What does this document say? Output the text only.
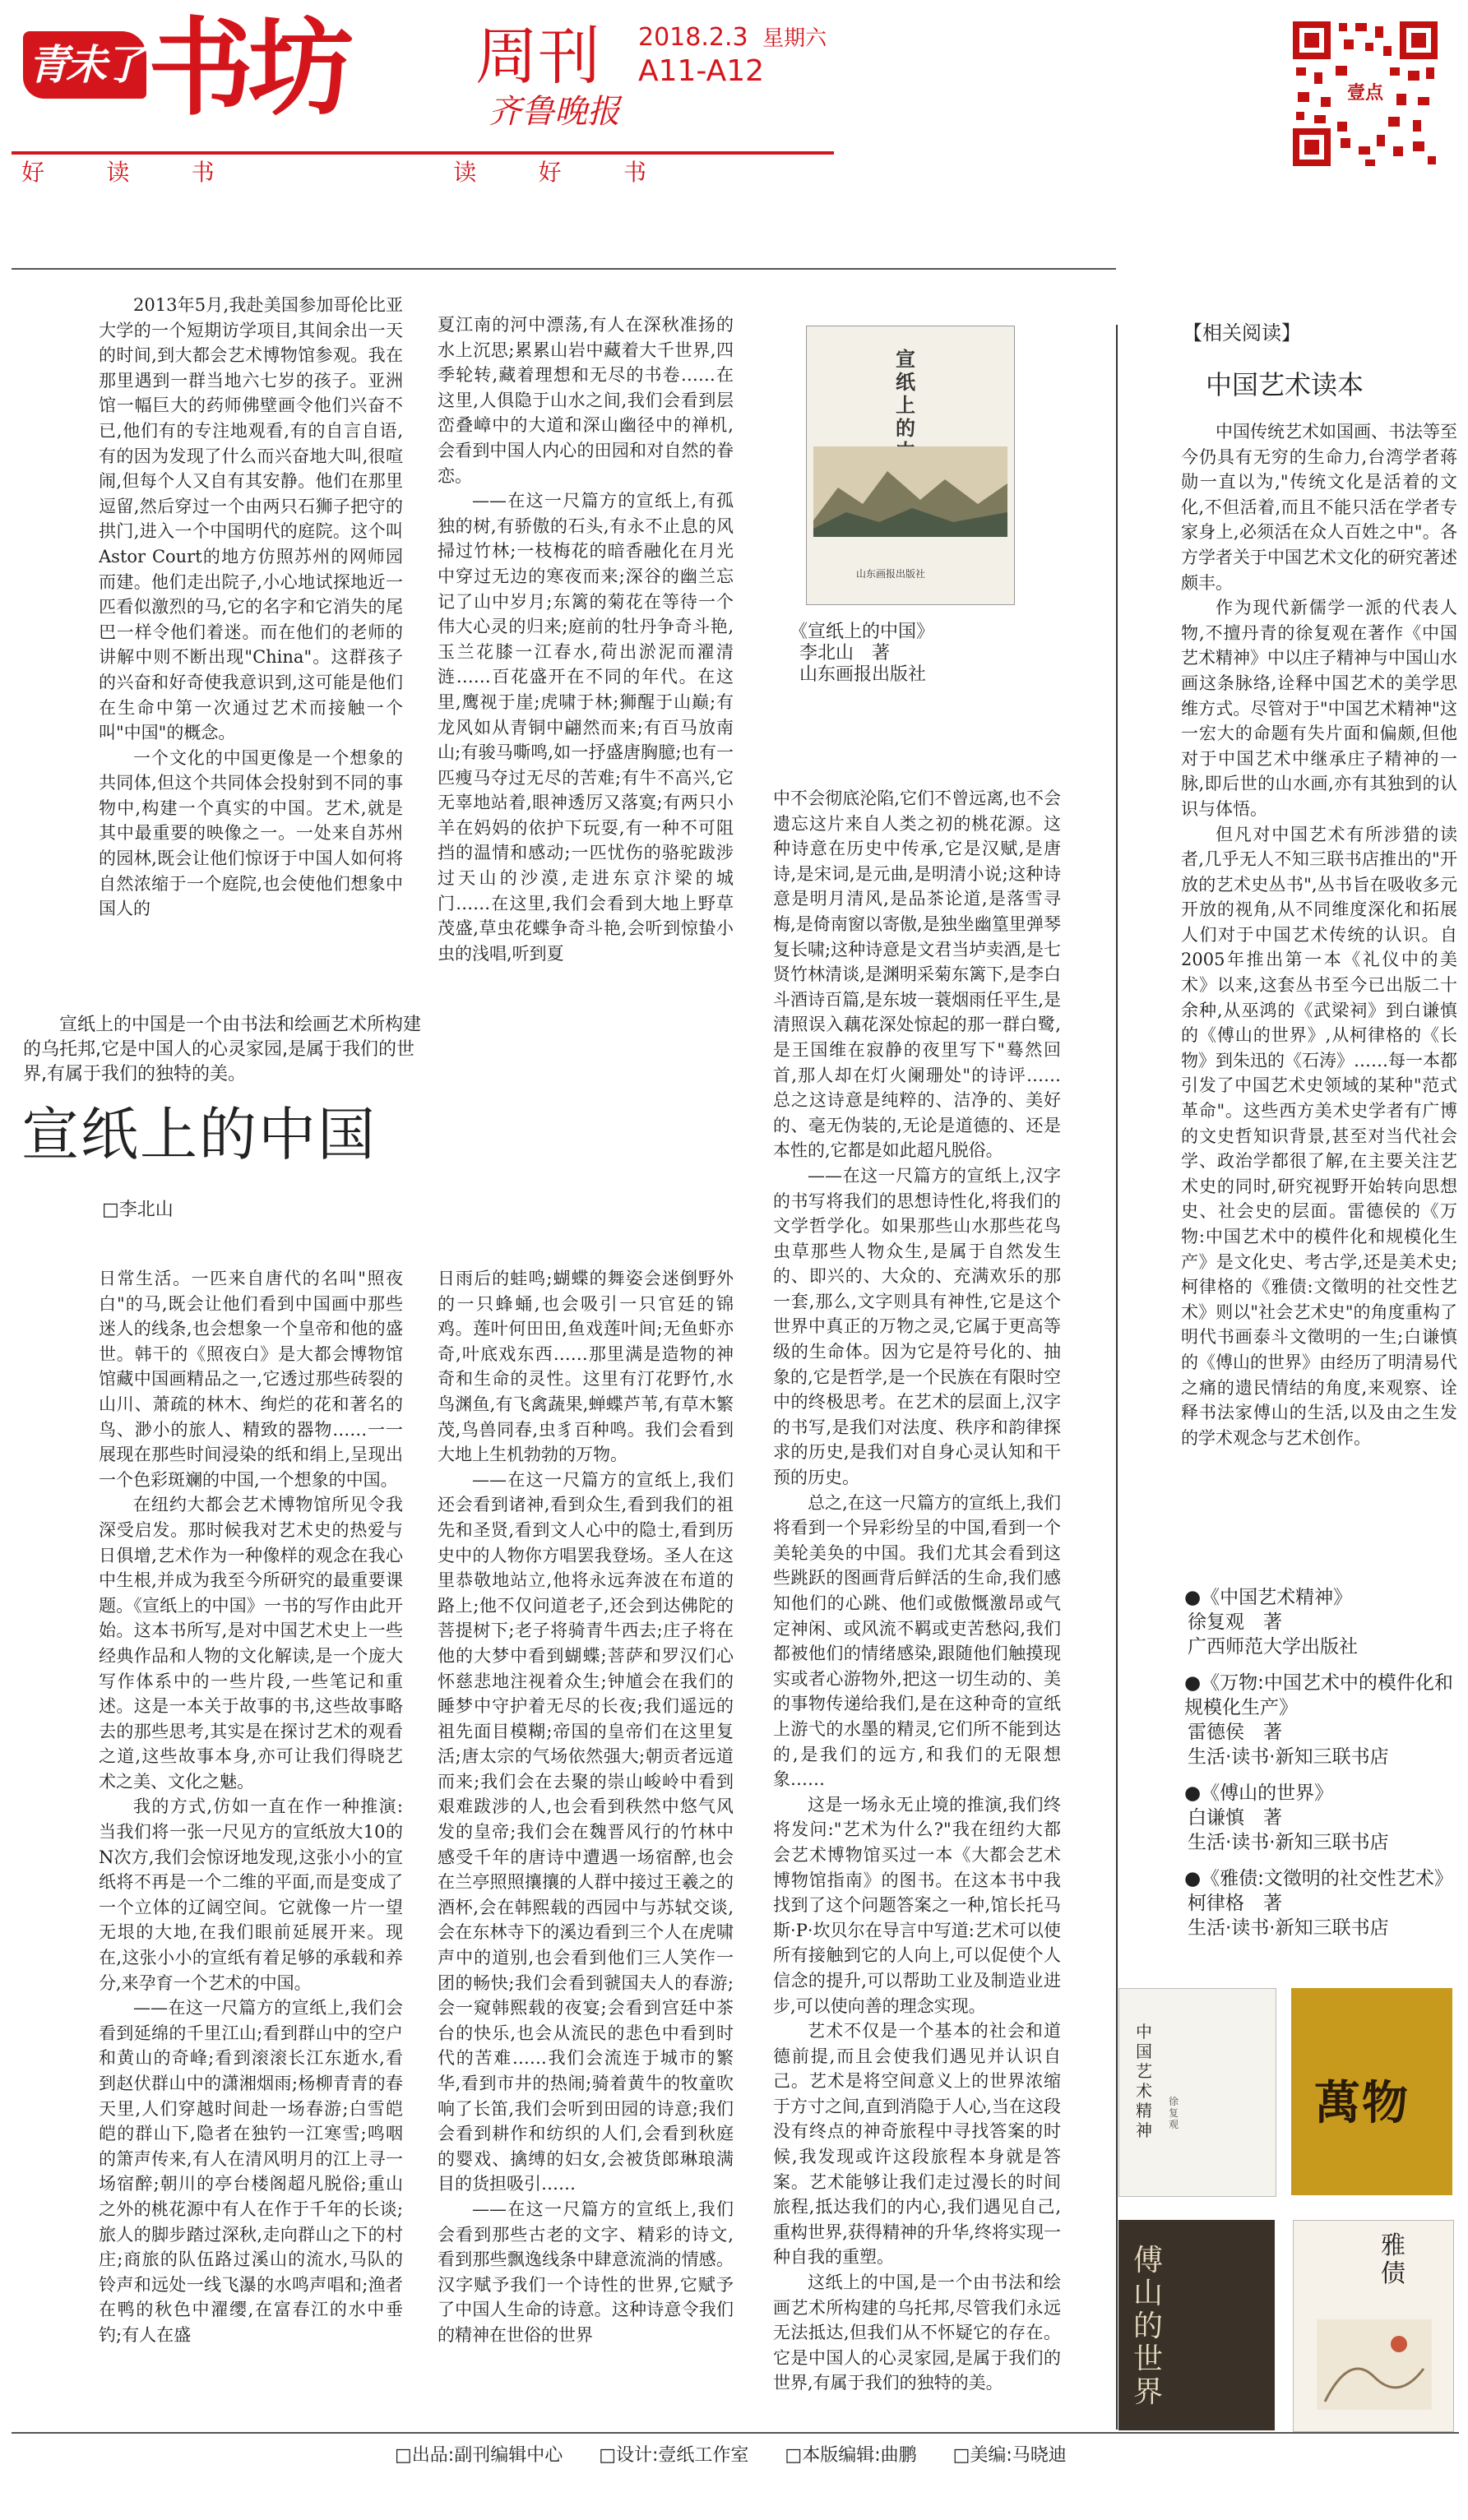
青未了 书坊 周刊
齐鲁晚报
2018.2.3 星期六
A11-A12
好	读	书	读	好	书
壹点

2013年5月,我赴美国参加哥伦比亚大学的一个短期访学项目,其间余出一天的时间,到大都会艺术博物馆参观。我在那里遇到一群当地六七岁的孩子。亚洲馆一幅巨大的药师佛壁画令他们兴奋不已,他们有的专注地观看,有的自言自语,有的因为发现了什么而兴奋地大叫,很喧闹,但每个人又自有其安静。他们在那里逗留,然后穿过一个由两只石狮子把守的拱门,进入一个中国明代的庭院。这个叫Astor Court的地方仿照苏州的网师园而建。他们走出院子,小心地试探地近一匹看似激烈的马,它的名字和它消失的尾巴一样令他们着迷。而在他们的老师的讲解中则不断出现"China"。这群孩子的兴奋和好奇使我意识到,这可能是他们在生命中第一次通过艺术而接触一个叫"中国"的概念。

一个文化的中国更像是一个想象的共同体,但这个共同体会投射到不同的事物中,构建一个真实的中国。艺术,就是其中最重要的映像之一。一处来自苏州的园林,既会让他们惊讶于中国人如何将自然浓缩于一个庭院,也会使他们想象中国人的

夏江南的河中漂荡,有人在深秋准扬的水上沉思;累累山岩中藏着大千世界,四季轮转,藏着理想和无尽的书卷……在这里,人俱隐于山水之间,我们会看到层峦叠嶂中的大道和深山幽径中的禅机,会看到中国人内心的田园和对自然的眷恋。

——在这一尺篇方的宣纸上,有孤独的树,有骄傲的石头,有永不止息的风掃过竹林;一枝梅花的暗香融化在月光中穿过无边的寒夜而来;深谷的幽兰忘记了山中岁月;东篱的菊花在等待一个伟大心灵的归来;庭前的牡丹争奇斗艳,玉兰花膝一江春水,荷出淤泥而濯清涟……百花盛开在不同的年代。在这里,鹰视于崖;虎啸于林;狮醒于山巅;有龙风如从青铜中翩然而来;有百马放南山;有骏马嘶鸣,如一抒盛唐胸臆;也有一匹瘦马夺过无尽的苦难;有牛不高兴,它无辜地站着,眼神透厉又落寞;有两只小羊在妈妈的依护下玩耍,有一种不可阻挡的温情和感动;一匹忧伤的骆驼跋涉过天山的沙漠,走进东京汴梁的城门……在这里,我们会看到大地上野草茂盛,草虫花蝶争奇斗艳,会听到惊蛰小虫的浅唱,听到夏

宣纸上的
山东画报出版社
《宣纸上的中国》
李北山　著
山东画报出版社
宣纸上的中国是一个由书法和绘画艺术所构建的乌托邦,它是中国人的心灵家园,是属于我们的世界,有属于我们的独特的美。
宣纸上的中国
□李北山

中不会彻底沦陷,它们不曾远离,也不会遗忘这片来自人类之初的桃花源。这种诗意在历史中传承,它是汉赋,是唐诗,是宋词,是元曲,是明清小说;这种诗意是明月清风,是品茶论道,是落雪寻梅,是倚南窗以寄傲,是独坐幽篁里弹琴复长啸;这种诗意是文君当垆卖酒,是七贤竹林清谈,是渊明采菊东篱下,是李白斗酒诗百篇,是东坡一蓑烟雨任平生,是清照误入藕花深处惊起的那一群白鹭,是王国维在寂静的夜里写下"蓦然回首,那人却在灯火阑珊处"的诗评……总之这诗意是纯粹的、洁净的、美好的、毫无伪装的,无论是道德的、还是本性的,它都是如此超凡脱俗。

——在这一尺篇方的宣纸上,汉字的书写将我们的思想诗性化,将我们的文学哲学化。如果那些山水那些花鸟虫草那些人物众生,是属于自然发生的、即兴的、大众的、充满欢乐的那一套,那么,文字则具有神性,它是这个世界中真正的万物之灵,它属于更高等级的生命体。因为它是符号化的、抽象的,它是哲学,是一个民族在有限时空中的终极思考。在艺术的层面上,汉字的书写,是我们对法度、秩序和韵律探求的历史,是我们对自身心灵认知和干预的历史。

总之,在这一尺篇方的宣纸上,我们将看到一个异彩纷呈的中国,看到一个美轮美奂的中国。我们尤其会看到这些跳跃的图画背后鲜活的生命,我们感知他们的心跳、他们或傲慨激昂或气定神闲、或风流不羁或吏苦愁闷,我们都被他们的情绪感染,跟随他们触摸现实或者心游物外,把这一切生动的、美的事物传递给我们,是在这种奇的宣纸上游弋的水墨的精灵,它们所不能到达的,是我们的远方,和我们的无限想象……

这是一场永无止境的推演,我们终将发问:"艺术为什么?"我在纽约大都会艺术博物馆买过一本《大都会艺术博物馆指南》的图书。在这本书中我找到了这个问题答案之一种,馆长托马斯·P·坎贝尔在导言中写道:艺术可以使所有接触到它的人向上,可以促使个人信念的提升,可以帮助工业及制造业进步,可以使向善的理念实现。

艺术不仅是一个基本的社会和道德前提,而且会使我们遇见并认识自己。艺术是将空间意义上的世界浓缩于方寸之间,直到消隐于人心,当在这段没有终点的神奇旅程中寻找答案的时候,我发现或许这段旅程本身就是答案。艺术能够让我们走过漫长的时间旅程,抵达我们的内心,我们遇见自己,重构世界,获得精神的升华,终将实现一种自我的重塑。

这纸上的中国,是一个由书法和绘画艺术所构建的乌托邦,尽管我们永远无法抵达,但我们从不怀疑它的存在。它是中国人的心灵家园,是属于我们的世界,有属于我们的独特的美。

日常生活。一匹来自唐代的名叫"照夜白"的马,既会让他们看到中国画中那些迷人的线条,也会想象一个皇帝和他的盛世。韩干的《照夜白》是大都会博物馆馆藏中国画精品之一,它透过那些砖裂的山川、萧疏的林木、绚烂的花和著名的鸟、渺小的旅人、精致的器物……一一展现在那些时间浸染的纸和绢上,呈现出一个色彩斑斓的中国,一个想象的中国。

在纽约大都会艺术博物馆所见令我深受启发。那时候我对艺术史的热爱与日俱增,艺术作为一种像样的观念在我心中生根,并成为我至今所研究的最重要课题。《宣纸上的中国》一书的写作由此开始。这本书所写,是对中国艺术史上一些经典作品和人物的文化解读,是一个庞大写作体系中的一些片段,一些笔记和重述。这是一本关于故事的书,这些故事略去的那些思考,其实是在探讨艺术的观看之道,这些故事本身,亦可让我们得晓艺术之美、文化之魅。

我的方式,仿如一直在作一种推演:当我们将一张一尺见方的宣纸放大10的N次方,我们会惊讶地发现,这张小小的宣纸将不再是一个二维的平面,而是变成了一个立体的辽阔空间。它就像一片一望无垠的大地,在我们眼前延展开来。现在,这张小小的宣纸有着足够的承载和养分,来孕育一个艺术的中国。

——在这一尺篇方的宣纸上,我们会看到延绵的千里江山;看到群山中的空户和黄山的奇峰;看到滚滚长江东逝水,看到赵伏群山中的潇湘烟雨;杨柳青青的春天里,人们穿越时间赴一场春游;白雪皑皑的群山下,隐者在独钓一江寒雪;鸣咽的箫声传来,有人在清风明月的江上寻一场宿醉;朝川的亭台楼阁超凡脱俗;重山之外的桃花源中有人在作于千年的长谈;旅人的脚步踏过深秋,走向群山之下的村庄;商旅的队伍路过溪山的流水,马队的铃声和远处一线飞瀑的水鸣声唱和;渔者在鸭的秋色中濯缨,在富春江的水中垂钓;有人在盛

日雨后的蛙鸣;蝴蝶的舞姿会迷倒野外的一只蜂蛹,也会吸引一只官廷的锦鸡。莲叶何田田,鱼戏莲叶间;无鱼虾亦奇,叶底戏东西……那里满是造物的神奇和生命的灵性。这里有汀花野竹,水鸟渊鱼,有飞禽蔬果,蝉蝶芦苇,有草木繁茂,鸟兽同春,虫豸百种鸣。我们会看到大地上生机勃勃的万物。

——在这一尺篇方的宣纸上,我们还会看到诸神,看到众生,看到我们的祖先和圣贤,看到文人心中的隐士,看到历史中的人物你方唱罢我登场。圣人在这里恭敬地站立,他将永远奔波在布道的路上;他不仅问道老子,还会到达佛陀的菩提树下;老子将骑青牛西去;庄子将在他的大梦中看到蝴蝶;菩萨和罗汉们心怀慈悲地注视着众生;钟馗会在我们的睡梦中守护着无尽的长夜;我们遥远的祖先面目模糊;帝国的皇帝们在这里复活;唐太宗的气场依然强大;朝贡者远道而来;我们会在去聚的崇山峻岭中看到艰难跋涉的人,也会看到秩然中悠气风发的皇帝;我们会在魏晋风行的竹林中感受千年的唐诗中遭遇一场宿醉,也会在兰亭照照攘攘的人群中接过王羲之的酒杯,会在韩熙载的西园中与苏轼交谈,会在东林寺下的溪边看到三个人在虎啸声中的道别,也会看到他们三人笑作一团的畅快;我们会看到虢国夫人的春游;会一窥韩熙载的夜宴;会看到宫廷中茶台的快乐,也会从流民的悲色中看到时代的苦难……我们会流连于城市的繁华,看到市井的热闹;骑着黄牛的牧童吹响了长笛,我们会听到田园的诗意;我们会看到耕作和纺织的人们,会看到秋庭的婴戏、擒缚的妇女,会被货郎琳琅满目的货担吸引……

——在这一尺篇方的宣纸上,我们会看到那些古老的文字、精彩的诗文,看到那些飘逸线条中肆意流淌的情感。汉字赋予我们一个诗性的世界,它赋予了中国人生命的诗意。这种诗意令我们的精神在世俗的世界

【相关阅读】
中国艺术读本

中国传统艺术如国画、书法等至今仍具有无穷的生命力,台湾学者蒋勋一直以为,"传统文化是活着的文化,不但活着,而且不能只活在学者专家身上,必须活在众人百姓之中"。各方学者关于中国艺术文化的研究著述颇丰。

作为现代新儒学一派的代表人物,不擅丹青的徐复观在著作《中国艺术精神》中以庄子精神与中国山水画这条脉络,诠释中国艺术的美学思维方式。尽管对于"中国艺术精神"这一宏大的命题有失片面和偏颇,但他对于中国艺术中继承庄子精神的一脉,即后世的山水画,亦有其独到的认识与体悟。

但凡对中国艺术有所涉猎的读者,几乎无人不知三联书店推出的"开放的艺术史丛书",丛书旨在吸收多元开放的视角,从不同维度深化和拓展人们对于中国艺术传统的认识。自2005年推出第一本《礼仪中的美术》以来,这套丛书至今已出版二十余种,从巫鸿的《武梁祠》到白谦慎的《傅山的世界》,从柯律格的《长物》到朱迅的《石涛》……每一本都引发了中国艺术史领域的某种"范式革命"。这些西方美术史学者有广博的文史哲知识背景,甚至对当代社会学、政治学都很了解,在主要关注艺术史的同时,研究视野开始转向思想史、社会史的层面。雷德侯的《万物:中国艺术中的模件化和规模化生产》是文化史、考古学,还是美术史;柯律格的《雅债:文徵明的社交性艺术》则以"社会艺术史"的角度重构了明代书画泰斗文徵明的一生;白谦慎的《傅山的世界》由经历了明清易代之痛的遗民情结的角度,来观察、诠释书法家傅山的生活,以及由之生发的学术观念与艺术创作。

●《中国艺术精神》
徐复观　著
广西师范大学出版社
●《万物:中国艺术中的模件化和规模化生产》
雷德侯　著
生活·读书·新知三联书店
●《傅山的世界》
白谦慎　著
生活·读书·新知三联书店
●《雅债:文徵明的社交性艺术》
柯律格　著
生活·读书·新知三联书店
中国艺术精神
徐复观	萬物
傅山的世界
雅债
□出品:副刊编辑中心 □设计:壹纸工作室 □本版编辑:曲鹏 □美编:马晓迪
